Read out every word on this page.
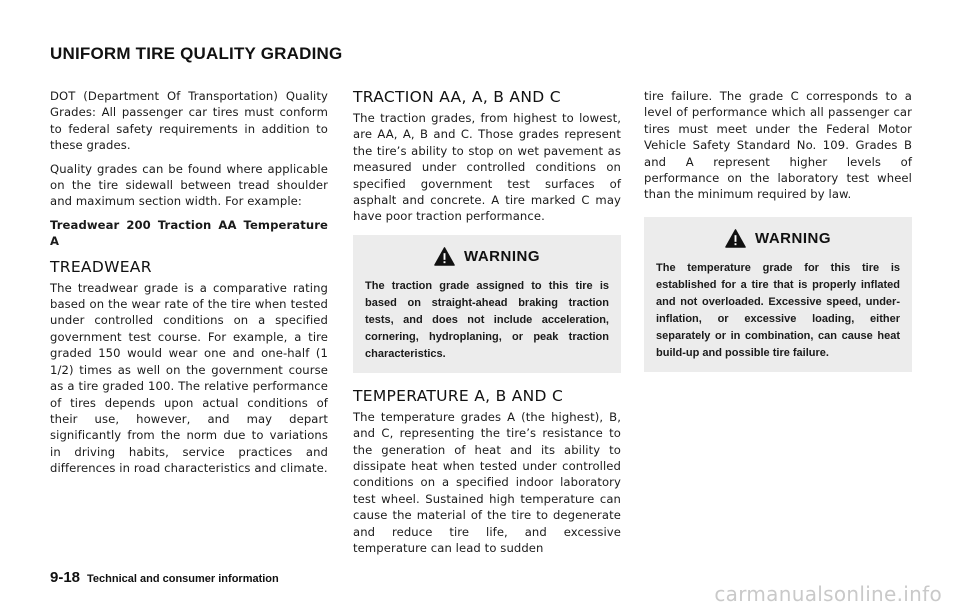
UNIFORM TIRE QUALITY GRADING

DOT (Department Of Transportation) Quality Grades: All passenger car tires must conform to federal safety requirements in addition to these grades.

Quality grades can be found where applicable on the tire sidewall between tread shoulder and maximum section width. For example:

Treadwear 200 Traction AA Temperature A

TREADWEAR

The treadwear grade is a comparative rating based on the wear rate of the tire when tested under controlled conditions on a specified government test course. For example, a tire graded 150 would wear one and one-half (1 1/2) times as well on the government course as a tire graded 100. The relative performance of tires depends upon actual conditions of their use, however, and may depart significantly from the norm due to variations in driving habits, service practices and differences in road characteristics and climate.

TRACTION AA, A, B AND C

The traction grades, from highest to lowest, are AA, A, B and C. Those grades represent the tire’s ability to stop on wet pavement as measured under controlled conditions on specified government test surfaces of asphalt and concrete. A tire marked C may have poor traction performance.

WARNING
The traction grade assigned to this tire is based on straight-ahead braking traction tests, and does not include acceleration, cornering, hydroplaning, or peak traction characteristics.
TEMPERATURE A, B AND C

The temperature grades A (the highest), B, and C, representing the tire’s resistance to the generation of heat and its ability to dissipate heat when tested under controlled conditions on a specified indoor laboratory test wheel. Sustained high temperature can cause the material of the tire to degenerate and reduce tire life, and excessive temperature can lead to sudden

tire failure. The grade C corresponds to a level of performance which all passenger car tires must meet under the Federal Motor Vehicle Safety Standard No. 109. Grades B and A represent higher levels of performance on the laboratory test wheel than the minimum required by law.

WARNING
The temperature grade for this tire is established for a tire that is properly inflated and not overloaded. Excessive speed, under-inflation, or excessive loading, either separately or in combination, can cause heat build-up and possible tire failure.
9-18 Technical and consumer information
carmanualsonline.info
